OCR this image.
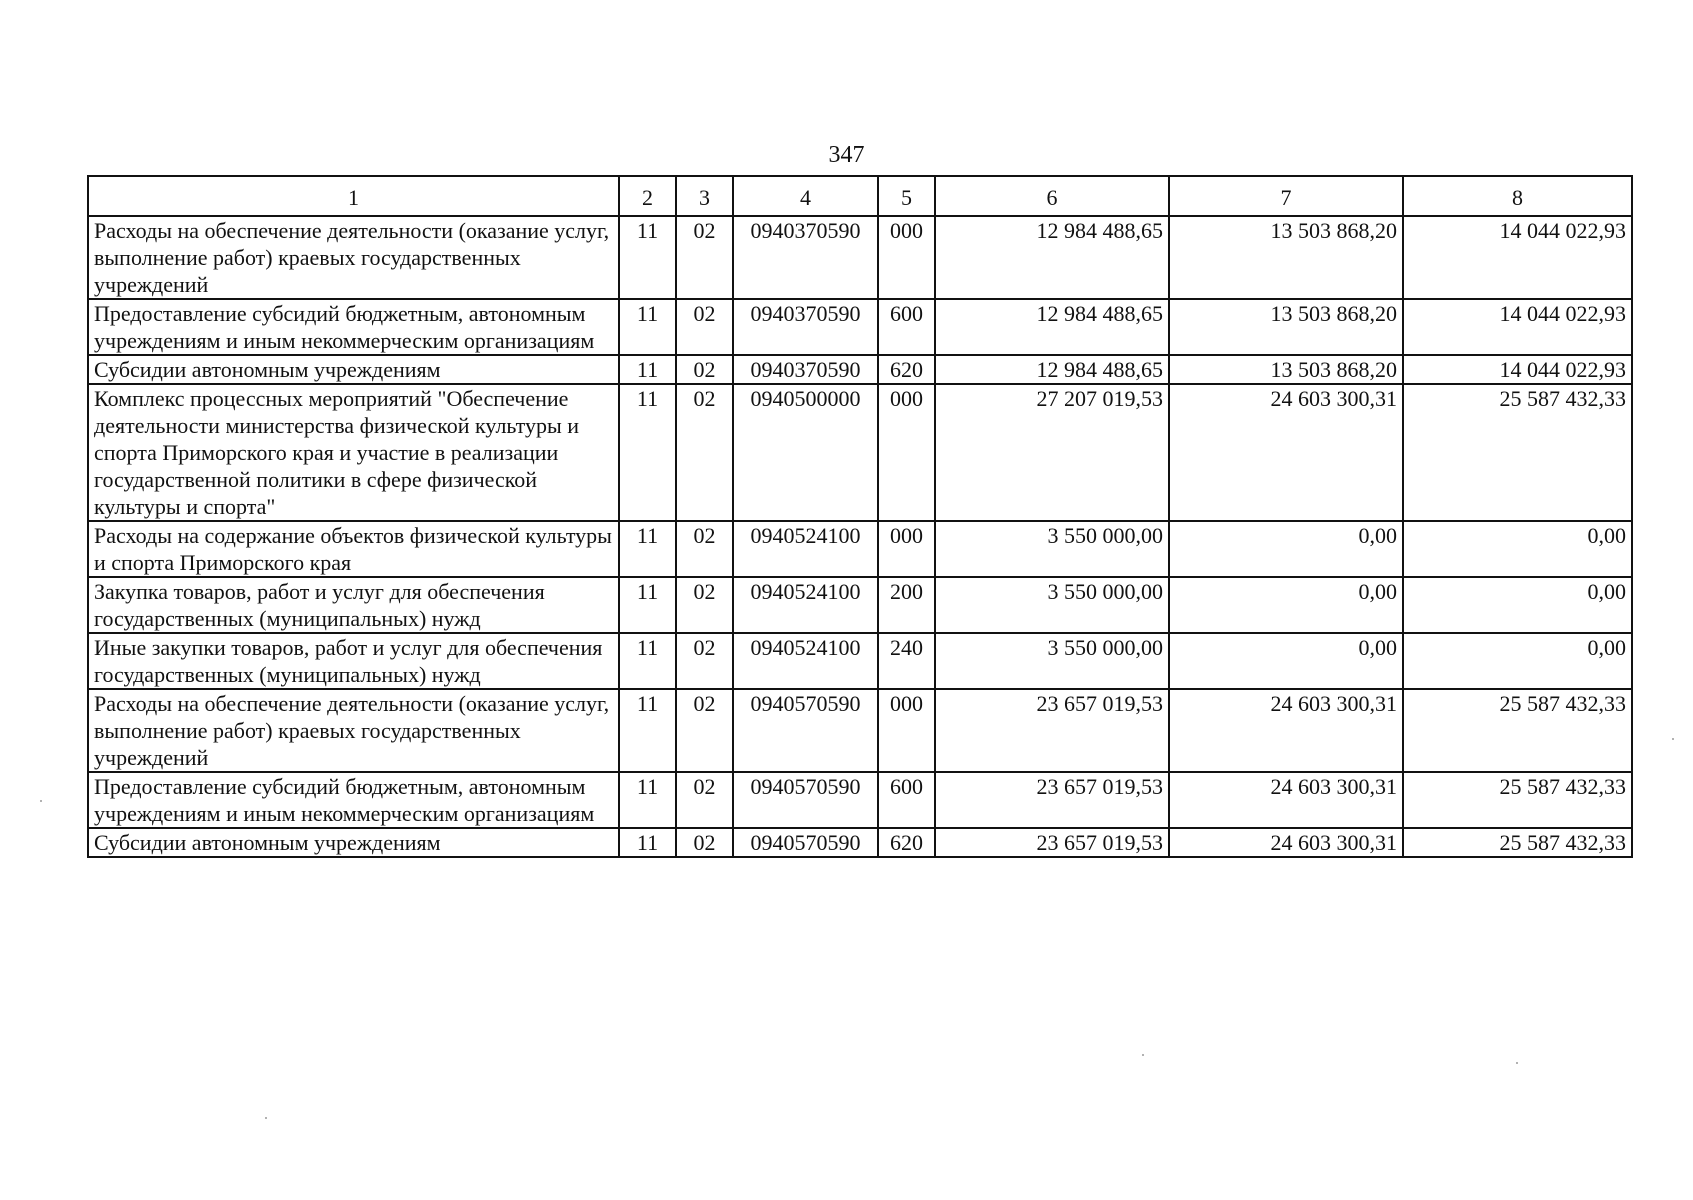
347
1	2	3	4	5	6	7	8
Расходы на обеспечение деятельности (оказание услуг, выполнение работ) краевых государственных учреждений	11	02	0940370590	000	12 984 488,65	13 503 868,20	14 044 022,93
Предоставление субсидий бюджетным, автономным учреждениям и иным некоммерческим организациям	11	02	0940370590	600	12 984 488,65	13 503 868,20	14 044 022,93
Субсидии автономным учреждениям	11	02	0940370590	620	12 984 488,65	13 503 868,20	14 044 022,93
Комплекс процессных мероприятий "Обеспечение деятельности министерства физической культуры и спорта Приморского края и участие в реализации государственной политики в сфере физической культуры и спорта"	11	02	0940500000	000	27 207 019,53	24 603 300,31	25 587 432,33
Расходы на содержание объектов физической культуры и спорта Приморского края	11	02	0940524100	000	3 550 000,00	0,00	0,00
Закупка товаров, работ и услуг для обеспечения государственных (муниципальных) нужд	11	02	0940524100	200	3 550 000,00	0,00	0,00
Иные закупки товаров, работ и услуг для обеспечения государственных (муниципальных) нужд	11	02	0940524100	240	3 550 000,00	0,00	0,00
Расходы на обеспечение деятельности (оказание услуг, выполнение работ) краевых государственных учреждений	11	02	0940570590	000	23 657 019,53	24 603 300,31	25 587 432,33
Предоставление субсидий бюджетным, автономным учреждениям и иным некоммерческим организациям	11	02	0940570590	600	23 657 019,53	24 603 300,31	25 587 432,33
Субсидии автономным учреждениям	11	02	0940570590	620	23 657 019,53	24 603 300,31	25 587 432,33
